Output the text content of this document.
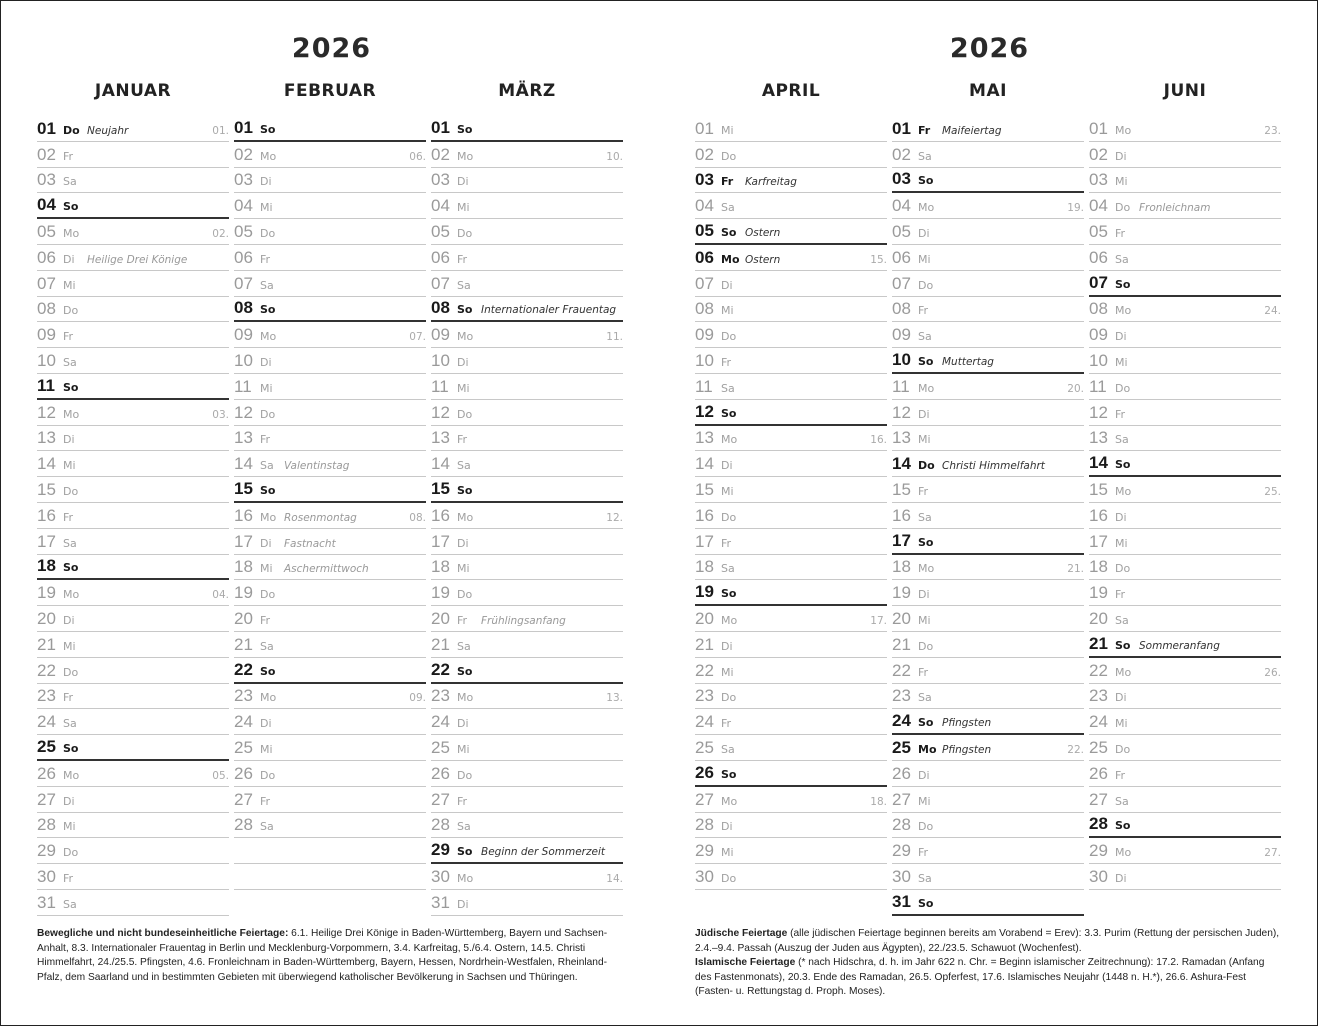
2026
JANUAR
01 Do Neujahr	01.
02 Fr
03 Sa
04 So
05 Mo	02.
06 Di Heilige Drei Könige
07 Mi
08 Do
09 Fr
10 Sa
11 So
12 Mo	03.
13 Di
14 Mi
15 Do
16 Fr
17 Sa
18 So
19 Mo	04.
20 Di
21 Mi
22 Do
23 Fr
24 Sa
25 So
26 Mo	05.
27 Di
28 Mi
29 Do
30 Fr
31 Sa
FEBRUAR
01 So
02 Mo	06.
03 Di
04 Mi
05 Do
06 Fr
07 Sa
08 So
09 Mo	07.
10 Di
11 Mi
12 Do
13 Fr
14 Sa Valentinstag
15 So
16 Mo Rosenmontag	08.
17 Di Fastnacht
18 Mi Aschermittwoch
19 Do
20 Fr
21 Sa
22 So
23 Mo	09.
24 Di
25 Mi
26 Do
27 Fr
28 Sa
MÄRZ
01 So
02 Mo	10.
03 Di
04 Mi
05 Do
06 Fr
07 Sa
08 So Internationaler Frauentag
09 Mo	11.
10 Di
11 Mi
12 Do
13 Fr
14 Sa
15 So
16 Mo	12.
17 Di
18 Mi
19 Do
20 Fr Frühlingsanfang
21 Sa
22 So
23 Mo	13.
24 Di
25 Mi
26 Do
27 Fr
28 Sa
29 So Beginn der Sommerzeit
30 Mo	14.
31 Di
Bewegliche und nicht bundeseinheitliche Feiertage: 6.1. Heilige Drei Könige in Baden-Württemberg, Bayern und Sachsen-Anhalt, 8.3. Internationaler Frauentag in Berlin und Mecklenburg-Vorpommern, 3.4. Karfreitag, 5./6.4. Ostern, 14.5. Christi Himmelfahrt, 24./25.5. Pfingsten, 4.6. Fronleichnam in Baden-Württemberg, Bayern, Hessen, Nordrhein-Westfalen, Rheinland-Pfalz, dem Saarland und in bestimmten Gebieten mit überwiegend katholischer Bevölkerung in Sachsen und Thüringen.
2026
APRIL
01 Mi
02 Do
03 Fr Karfreitag
04 Sa
05 So Ostern
06 Mo Ostern	15.
07 Di
08 Mi
09 Do
10 Fr
11 Sa
12 So
13 Mo	16.
14 Di
15 Mi
16 Do
17 Fr
18 Sa
19 So
20 Mo	17.
21 Di
22 Mi
23 Do
24 Fr
25 Sa
26 So
27 Mo	18.
28 Di
29 Mi
30 Do
MAI
01 Fr Maifeiertag
02 Sa
03 So
04 Mo	19.
05 Di
06 Mi
07 Do
08 Fr
09 Sa
10 So Muttertag
11 Mo	20.
12 Di
13 Mi
14 Do Christi Himmelfahrt
15 Fr
16 Sa
17 So
18 Mo	21.
19 Di
20 Mi
21 Do
22 Fr
23 Sa
24 So Pfingsten
25 Mo Pfingsten	22.
26 Di
27 Mi
28 Do
29 Fr
30 Sa
31 So
JUNI
01 Mo	23.
02 Di
03 Mi
04 Do Fronleichnam
05 Fr
06 Sa
07 So
08 Mo	24.
09 Di
10 Mi
11 Do
12 Fr
13 Sa
14 So
15 Mo	25.
16 Di
17 Mi
18 Do
19 Fr
20 Sa
21 So Sommeranfang
22 Mo	26.
23 Di
24 Mi
25 Do
26 Fr
27 Sa
28 So
29 Mo	27.
30 Di
Jüdische Feiertage (alle jüdischen Feiertage beginnen bereits am Vorabend = Erev): 3.3. Purim (Rettung der persischen Juden), 2.4.–9.4. Passah (Auszug der Juden aus Ägypten), 22./23.5. Schawuot (Wochenfest).
Islamische Feiertage (* nach Hidschra, d. h. im Jahr 622 n. Chr. = Beginn islamischer Zeitrechnung): 17.2. Ramadan (Anfang des Fastenmonats), 20.3. Ende des Ramadan, 26.5. Opferfest, 17.6. Islamisches Neujahr (1448 n. H.*), 26.6. Ashura-Fest (Fasten- u. Rettungstag d. Proph. Moses).
